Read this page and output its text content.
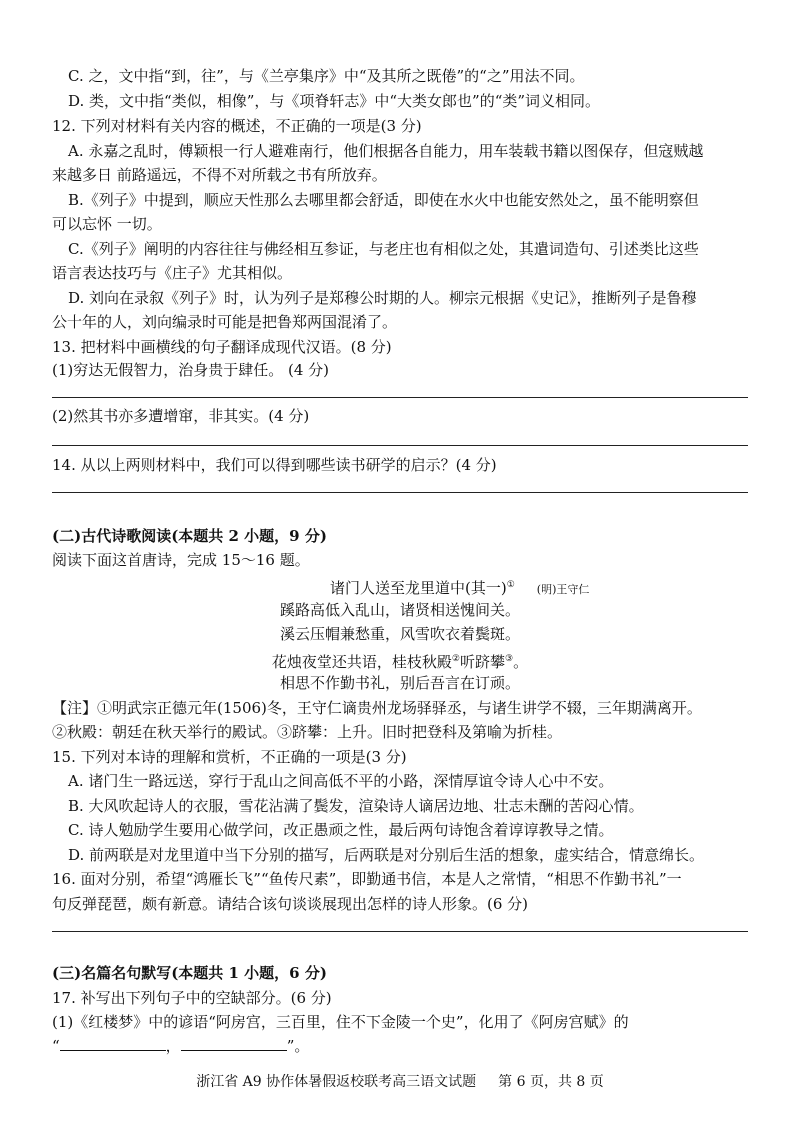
C. 之，文中指“到，往”，与《兰亭集序》中“及其所之既倦”的“之”用法不同。
D. 类，文中指“类似，相像”，与《项脊轩志》中“大类女郎也”的“类”词义相同。
12. 下列对材料有关内容的概述，不正确的一项是(3 分)
A. 永嘉之乱时，傅颖根一行人避难南行，他们根据各自能力，用车装载书籍以图保存，但寇贼越
来越多日 前路遥远，不得不对所载之书有所放弃。
B.《列子》中提到，顺应天性那么去哪里都会舒适，即使在水火中也能安然处之，虽不能明察但
可以忘怀 一切。
C.《列子》阐明的内容往往与佛经相互参证，与老庄也有相似之处，其遣词造句、引述类比这些
语言表达技巧与《庄子》尤其相似。
D. 刘向在录叙《列子》时，认为列子是郑穆公时期的人。柳宗元根据《史记》，推断列子是鲁穆
公十年的人，刘向编录时可能是把鲁郑两国混淆了。
13. 把材料中画横线的句子翻译成现代汉语。(8 分)
(1)穷达无假智力，治身贵于肆任。 (4 分)
(2)然其书亦多遭增窜，非其实。(4 分)
14. 从以上两则材料中，我们可以得到哪些读书研学的启示？(4 分)
(二)古代诗歌阅读(本题共 2 小题，9 分)
阅读下面这首唐诗，完成 15～16 题。
诸门人送至龙里道中(其一)① (明)王守仁
蹊路高低入乱山，诸贤相送愧间关。
溪云压帽兼愁重，风雪吹衣着鬓斑。
花烛夜堂还共语，桂枝秋殿②听跻攀③。
相思不作勤书礼，别后吾言在订顽。
【注】①明武宗正德元年(1506)冬，王守仁谪贵州龙场驿驿丞，与诸生讲学不辍，三年期满离开。
②秋殿：朝廷在秋天举行的殿试。③跻攀：上升。旧时把登科及第喻为折桂。
15. 下列对本诗的理解和赏析，不正确的一项是(3 分)
A. 诸门生一路远送，穿行于乱山之间高低不平的小路，深情厚谊令诗人心中不安。
B. 大风吹起诗人的衣服，雪花沾满了鬓发，渲染诗人谪居边地、壮志未酬的苦闷心情。
C. 诗人勉励学生要用心做学问，改正愚顽之性，最后两句诗饱含着谆谆教导之情。
D. 前两联是对龙里道中当下分别的描写，后两联是对分别后生活的想象，虚实结合，情意绵长。
16. 面对分别，希望“鸿雁长飞”“鱼传尺素”，即勤通书信，本是人之常情，“相思不作勤书礼”一
句反弹琵琶，颇有新意。请结合该句谈谈展现出怎样的诗人形象。(6 分)
(三)名篇名句默写(本题共 1 小题，6 分)
17. 补写出下列句子中的空缺部分。(6 分)
(1)《红楼梦》中的谚语“阿房宫，三百里，住不下金陵一个史”，化用了《阿房宫赋》的
“	，	”。
浙江省 A9 协作体暑假返校联考高三语文试题 第 6 页，共 8 页
